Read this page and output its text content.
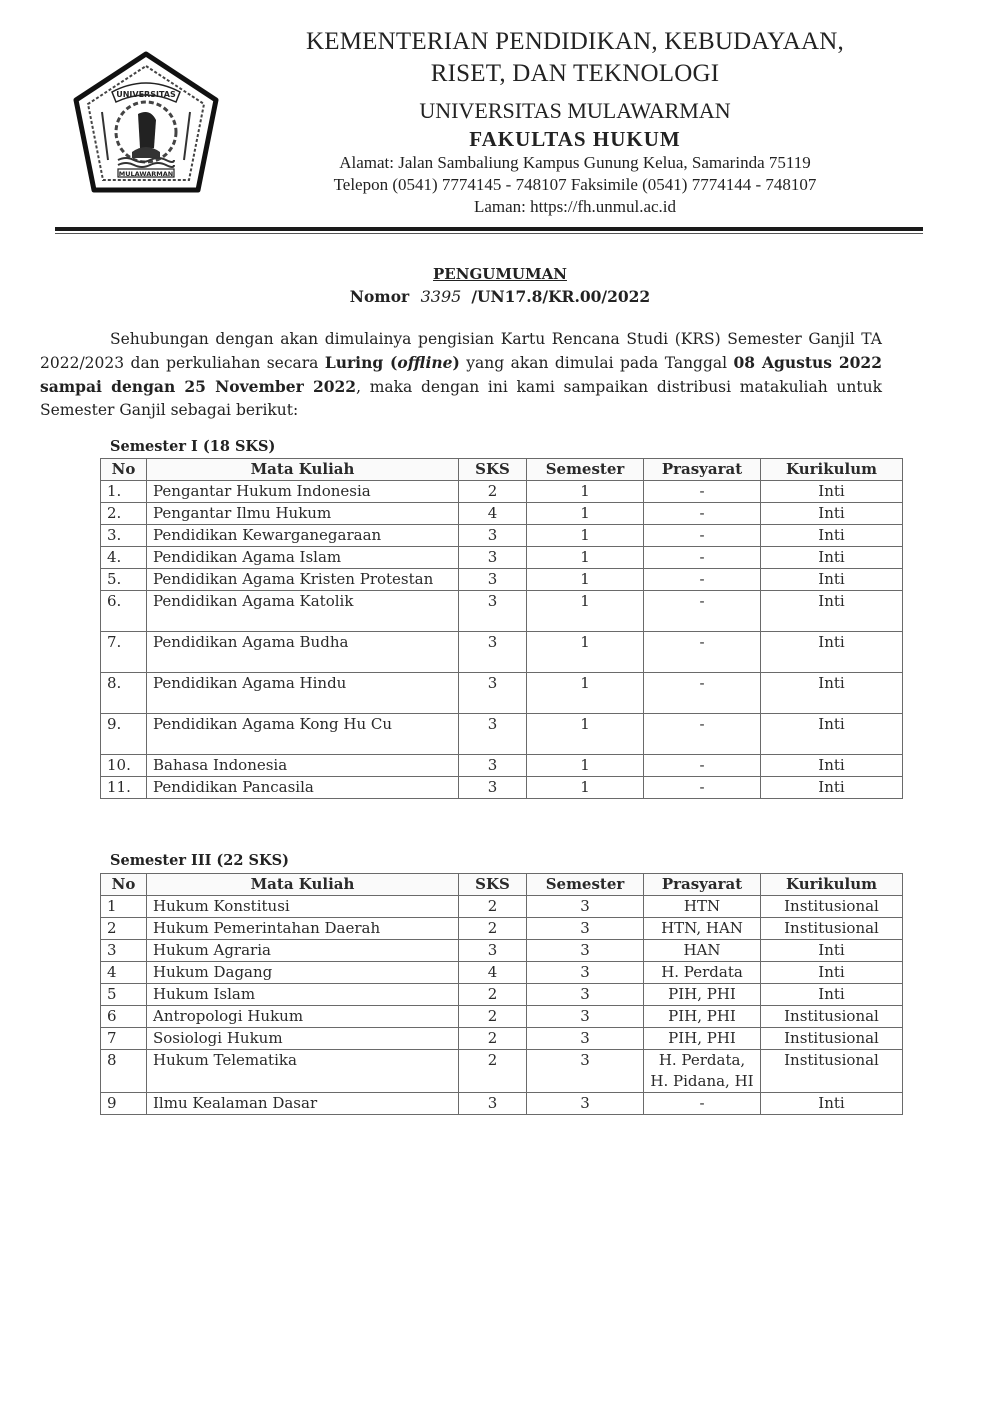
UNIVERSITAS
MULAWARMAN
KEMENTERIAN PENDIDIKAN, KEBUDAYAAN,
RISET, DAN TEKNOLOGI
UNIVERSITAS MULAWARMAN
FAKULTAS HUKUM
Alamat: Jalan Sambaliung Kampus Gunung Kelua, Samarinda 75119
Telepon (0541) 7774145 - 748107 Faksimile (0541) 7774144 - 748107
Laman: https://fh.unmul.ac.id
PENGUMUMAN
Nomor 3395 /UN17.8/KR.00/2022
Sehubungan dengan akan dimulainya pengisian Kartu Rencana Studi (KRS) Semester Ganjil TA 2022/2023 dan perkuliahan secara Luring (offline) yang akan dimulai pada Tanggal 08 Agustus 2022 sampai dengan 25 November 2022, maka dengan ini kami sampaikan distribusi matakuliah untuk Semester Ganjil sebagai berikut:
Semester I (18 SKS)
No	Mata Kuliah	SKS	Semester	Prasyarat	Kurikulum
1.	Pengantar Hukum Indonesia	2	1	-	Inti
2.	Pengantar Ilmu Hukum	4	1	-	Inti
3.	Pendidikan Kewarganegaraan	3	1	-	Inti
4.	Pendidikan Agama Islam	3	1	-	Inti
5.	Pendidikan Agama Kristen Protestan	3	1	-	Inti
6.	Pendidikan Agama Katolik	3	1	-	Inti
7.	Pendidikan Agama Budha	3	1	-	Inti
8.	Pendidikan Agama Hindu	3	1	-	Inti
9.	Pendidikan Agama Kong Hu Cu	3	1	-	Inti
10.	Bahasa Indonesia	3	1	-	Inti
11.	Pendidikan Pancasila	3	1	-	Inti
Semester III (22 SKS)
No	Mata Kuliah	SKS	Semester	Prasyarat	Kurikulum
1	Hukum Konstitusi	2	3	HTN	Institusional
2	Hukum Pemerintahan Daerah	2	3	HTN, HAN	Institusional
3	Hukum Agraria	3	3	HAN	Inti
4	Hukum Dagang	4	3	H. Perdata	Inti
5	Hukum Islam	2	3	PIH, PHI	Inti
6	Antropologi Hukum	2	3	PIH, PHI	Institusional
7	Sosiologi Hukum	2	3	PIH, PHI	Institusional
8	Hukum Telematika	2	3	H. Perdata, H. Pidana, HI	Institusional
9	Ilmu Kealaman Dasar	3	3	-	Inti
